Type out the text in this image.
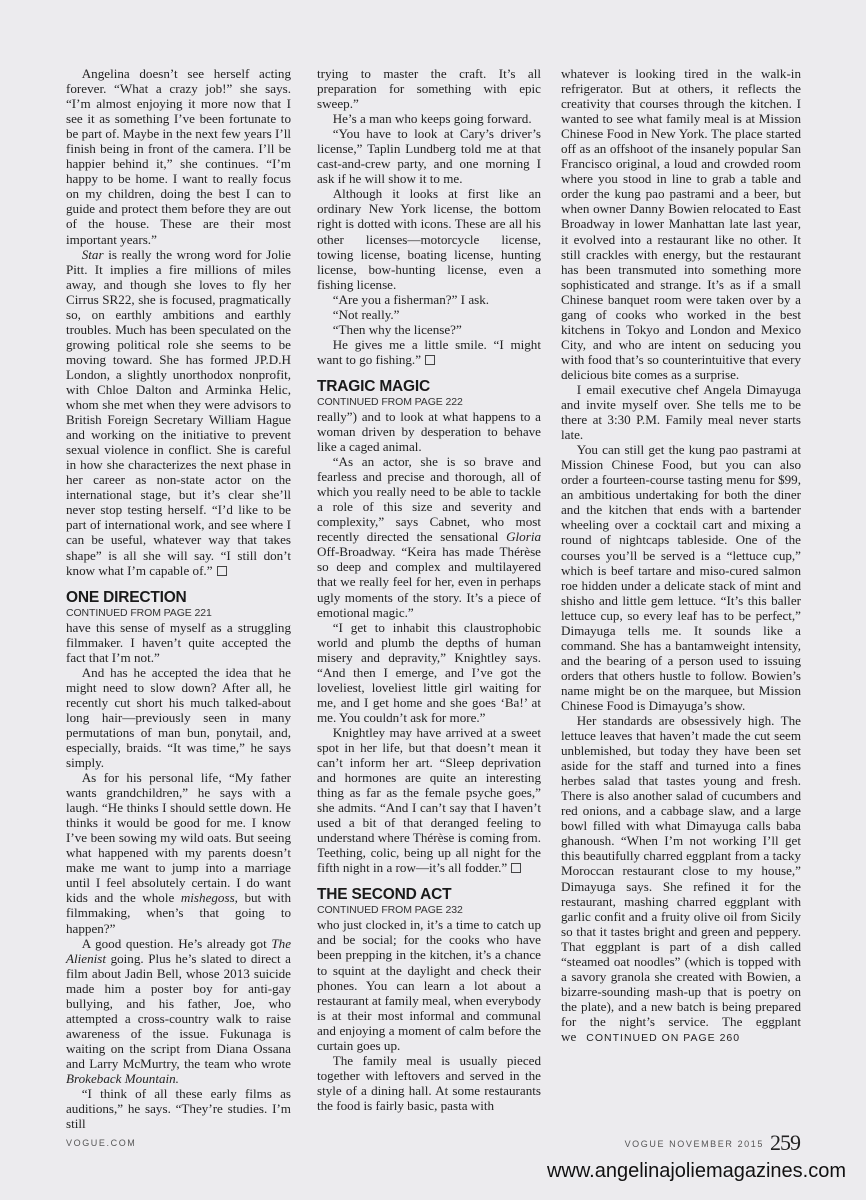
Angelina doesn’t see herself acting forever. “What a crazy job!” she says. “I’m almost enjoying it more now that I see it as something I’ve been fortunate to be part of. Maybe in the next few years I’ll finish being in front of the camera. I’ll be happier behind it,” she continues. “I’m happy to be home. I want to really focus on my children, doing the best I can to guide and protect them before they are out of the house. These are their most important years.”

Star is really the wrong word for Jolie Pitt. It implies a fire millions of miles away, and though she loves to fly her Cirrus SR22, she is focused, pragmatically so, on earthly ambitions and earthly troubles. Much has been speculated on the growing political role she seems to be moving toward. She has formed JP.D.H London, a slightly unorthodox nonprofit, with Chloe Dalton and Arminka Helic, whom she met when they were advisors to British Foreign Secretary William Hague and working on the initiative to prevent sexual violence in conflict. She is careful in how she characterizes the next phase in her career as non-state actor on the international stage, but it’s clear she’ll never stop testing herself. “I’d like to be part of international work, and see where I can be useful, whatever way that takes shape” is all she will say. “I still don’t know what I’m capable of.”

ONE DIRECTION
CONTINUED FROM PAGE 221

have this sense of myself as a struggling filmmaker. I haven’t quite accepted the fact that I’m not.”

And has he accepted the idea that he might need to slow down? After all, he recently cut short his much talked-about long hair—previously seen in many permutations of man bun, ponytail, and, especially, braids. “It was time,” he says simply.

As for his personal life, “My father wants grandchildren,” he says with a laugh. “He thinks I should settle down. He thinks it would be good for me. I know I’ve been sowing my wild oats. But seeing what happened with my parents doesn’t make me want to jump into a marriage until I feel absolutely certain. I do want kids and the whole mishegoss, but with filmmaking, when’s that going to happen?”

A good question. He’s already got The Alienist going. Plus he’s slated to direct a film about Jadin Bell, whose 2013 suicide made him a poster boy for anti-gay bullying, and his father, Joe, who attempted a cross-country walk to raise awareness of the issue. Fukunaga is waiting on the script from Diana Ossana and Larry McMurtry, the team who wrote Brokeback Mountain.

“I think of all these early films as auditions,” he says. “They’re studies. I’m still

trying to master the craft. It’s all preparation for something with epic sweep.”

He’s a man who keeps going forward.

“You have to look at Cary’s driver’s license,” Taplin Lundberg told me at that cast-and-crew party, and one morning I ask if he will show it to me.

Although it looks at first like an ordinary New York license, the bottom right is dotted with icons. These are all his other licenses—motorcycle license, towing license, boating license, hunting license, bow-hunting license, even a fishing license.

“Are you a fisherman?” I ask.

“Not really.”

“Then why the license?”

He gives me a little smile. “I might want to go fishing.”

TRAGIC MAGIC
CONTINUED FROM PAGE 222

really”) and to look at what happens to a woman driven by desperation to behave like a caged animal.

“As an actor, she is so brave and fearless and precise and thorough, all of which you really need to be able to tackle a role of this size and severity and complexity,” says Cabnet, who most recently directed the sensational Gloria Off-Broadway. “Keira has made Thérèse so deep and complex and multilayered that we really feel for her, even in perhaps ugly moments of the story. It’s a piece of emotional magic.”

“I get to inhabit this claustrophobic world and plumb the depths of human misery and depravity,” Knightley says. “And then I emerge, and I’ve got the loveliest, loveliest little girl waiting for me, and I get home and she goes ‘Ba!’ at me. You couldn’t ask for more.”

Knightley may have arrived at a sweet spot in her life, but that doesn’t mean it can’t inform her art. “Sleep deprivation and hormones are quite an interesting thing as far as the female psyche goes,” she admits. “And I can’t say that I haven’t used a bit of that deranged feeling to understand where Thérèse is coming from. Teething, colic, being up all night for the fifth night in a row—it’s all fodder.”

THE SECOND ACT
CONTINUED FROM PAGE 232

who just clocked in, it’s a time to catch up and be social; for the cooks who have been prepping in the kitchen, it’s a chance to squint at the daylight and check their phones. You can learn a lot about a restaurant at family meal, when everybody is at their most informal and communal and enjoying a moment of calm before the curtain goes up.

The family meal is usually pieced together with leftovers and served in the style of a dining hall. At some restaurants the food is fairly basic, pasta with

whatever is looking tired in the walk-in refrigerator. But at others, it reflects the creativity that courses through the kitchen. I wanted to see what family meal is at Mission Chinese Food in New York. The place started off as an offshoot of the insanely popular San Francisco original, a loud and crowded room where you stood in line to grab a table and order the kung pao pastrami and a beer, but when owner Danny Bowien relocated to East Broadway in lower Manhattan late last year, it evolved into a restaurant like no other. It still crackles with energy, but the restaurant has been transmuted into something more sophisticated and strange. It’s as if a small Chinese banquet room were taken over by a gang of cooks who worked in the best kitchens in Tokyo and London and Mexico City, and who are intent on seducing you with food that’s so counterintuitive that every delicious bite comes as a surprise.

I email executive chef Angela Dimayuga and invite myself over. She tells me to be there at 3:30 P.M. Family meal never starts late.

You can still get the kung pao pastrami at Mission Chinese Food, but you can also order a fourteen-course tasting menu for $99, an ambitious undertaking for both the diner and the kitchen that ends with a bartender wheeling over a cocktail cart and mixing a round of nightcaps tableside. One of the courses you’ll be served is a “lettuce cup,” which is beef tartare and miso-cured salmon roe hidden under a delicate stack of mint and shisho and little gem lettuce. “It’s this baller lettuce cup, so every leaf has to be perfect,” Dimayuga tells me. It sounds like a command. She has a bantamweight intensity, and the bearing of a person used to issuing orders that others hustle to follow. Bowien’s name might be on the marquee, but Mission Chinese Food is Dimayuga’s show.

Her standards are obsessively high. The lettuce leaves that haven’t made the cut seem unblemished, but today they have been set aside for the staff and turned into a fines herbes salad that tastes young and fresh. There is also another salad of cucumbers and red onions, and a cabbage slaw, and a large bowl filled with what Dimayuga calls baba ghanoush. “When I’m not working I’ll get this beautifully charred eggplant from a tacky Moroccan restaurant close to my house,” Dimayuga says. She refined it for the restaurant, mashing charred eggplant with garlic confit and a fruity olive oil from Sicily so that it tastes bright and green and peppery. That eggplant is part of a dish called “steamed oat noodles” (which is topped with a savory granola she created with Bowien, a bizarre-sounding mash-up that is poetry on the plate), and a new batch is being prepared for the night’s service. The eggplant we CONTINUED ON PAGE 260

VOGUE.COM	VOGUE NOVEMBER 2015 259
www.angelinajoliemagazines.com
